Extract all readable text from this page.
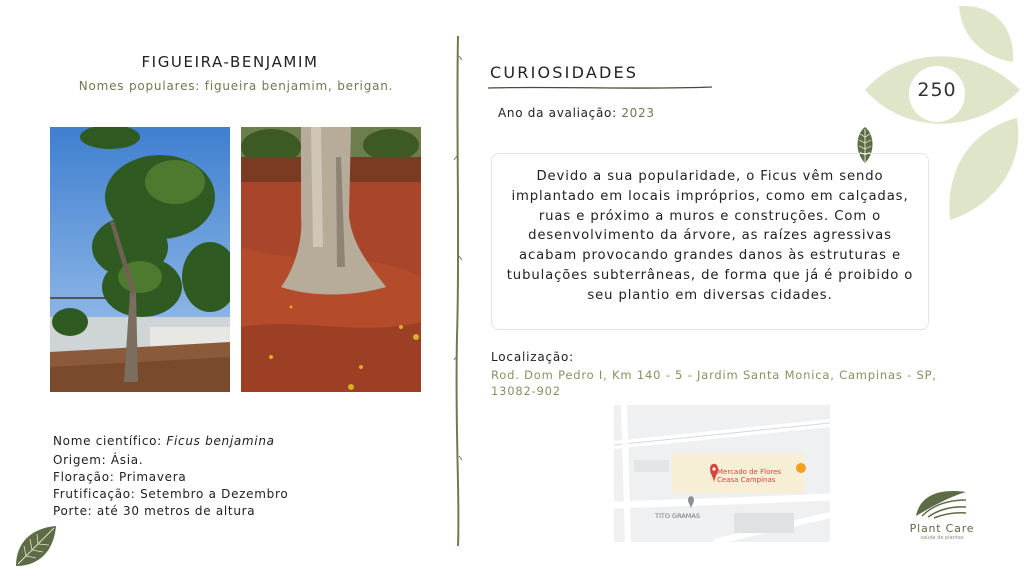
250
FIGUEIRA-BENJAMIM
Nomes populares: figueira benjamim, berigan.
Nome científico: Ficus benjamina
Origem: Ásia.
Floração: Primavera
Frutificação: Setembro a Dezembro
Porte: até 30 metros de altura
CURIOSIDADES
Ano da avaliação: 2023
Devido a sua popularidade, o Ficus vêm sendo implantado em locais impróprios, como em calçadas, ruas e próximo a muros e construções. Com o desenvolvimento da árvore, as raízes agressivas acabam provocando grandes danos às estruturas e tubulações subterrâneas, de forma que já é proibido o seu plantio em diversas cidades.
Localização:
Rod. Dom Pedro I, Km 140 - 5 - Jardim Santa Monica, Campinas - SP, 13082-902
Mercado de Flores
Ceasa Campinas
TITO GRAMAS
Plant Care
saúde de plantas
